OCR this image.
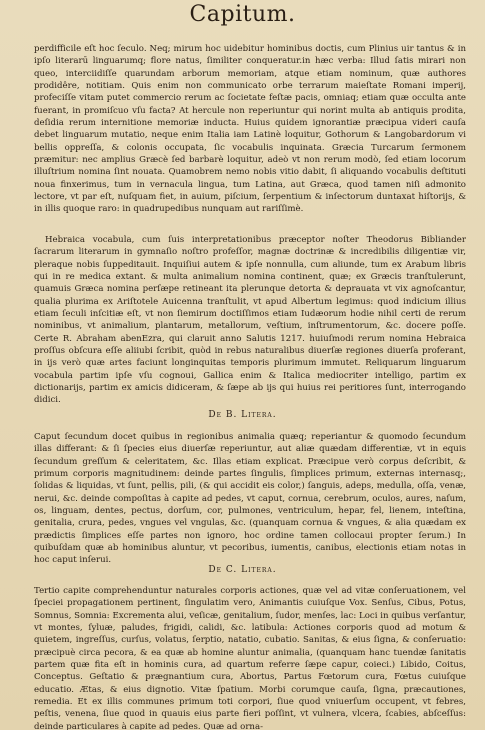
Capitum.

perdifficile eſt hoc ſeculo. Neq; mirum hoc uidebitur hominibus doctis, cum Plinius uir tantus & in ipſo literarū linguarumq; flore natus, ſimiliter conqueratur.in hæc verba: Illud ſatis mirari non queo, interciidiſſe quarundam arborum memoriam, atque etiam nominum, quæ authores prodidêre, notitiam. Quis enim non communicato orbe terrarum maieſtate Romani imperij, profeciſſe vitam putet commercio rerum ac ſocietate feſtæ pacis, omniaq; etiam quæ occulta ante fuerant, in promiſcuo vſu facta? At hercule non reperiuntur qui norint multa ab antiquis prodita, deſidia rerum internitione memoriæ inducta. Huius quidem ignorantiæ præcipua videri cauſa debet linguarum mutatio, neque enim Italia iam Latinè loquitur, Gothorum & Langobardorum vi bellis oppreſſa, & colonis occupata, ſic vocabulis inquinata. Græcia Turcarum ſermonem præmitur: nec amplius Græcè ſed barbarè loquitur, adeò vt non rerum modò, ſed etiam locorum illuſtrium nomina ſint nouata. Quamobrem nemo nobis vitio dabit, ſi aliquando vocabulis deſtituti noua finxerimus, tum in vernacula lingua, tum Latina, aut Græca, quod tamen niſi admonito lectore, vt par eſt, nuſquam fiet, in auium, piſcium, ſerpentium & inſectorum duntaxat hiſtorijs, & in illis quoque raro: in quadrupedibus nunquam aut rariſſimè.

Hebraica vocabula, cum ſuis interpretationibus præceptor noſter Theodorus Bibliander ſacrarum literarum in gymnaſio noſtro profeſſor, magnæ doctrinæ & incredibilis diligentiæ vir, pleraque nobis ſuppeditauit. Inquiſiui autem & ipſe nonnulla, cum aliunde, tum ex Arabum libris qui in re medica extant. & multa animalium nomina continent, quæ; ex Græcis tranſtulerunt, quamuis Græca nomina perſæpe retineant ita plerunque detorta & deprauata vt vix agnoſcantur, qualia plurima ex Ariſtotele Auicenna tranſtulit, vt apud Albertum legimus: quod indicium illius etiam ſeculi inſcitiæ eſt, vt non ſiemirum doctiſſimos etiam Iudæorum hodie nihil certi de rerum nominibus, vt animalium, plantarum, metallorum, veſtium, inſtrumentorum, &c. docere poſſe. Certe R. Abraham abenEzra, qui claruit anno Salutis 1217. huiuſmodi rerum nomina Hebraica proſſus obſcura eſſe aliiubi ſcribit, quòd in rebus naturalibus diuerſæ regiones diuerſa proferant, in ijs verò quæ artes faciunt longinquitas temporis plurimum immutet. Reliquarum linguarum vocabula partim ipſe vſu cognoui, Gallica enim & Italica mediocriter intelligo, partim ex dictionarijs, partim ex amicis didiceram, & ſæpe ab ijs qui huius rei peritiores ſunt, interrogando didici.

De B. Litera.

Caput ſecundum docet quibus in regionibus animalia quæq; reperiantur & quomodo ſecundum illas differant: & ſi ſpecies eius diuerſæ reperiuntur, aut aliæ quædam differentiæ, vt in equis ſecundum greſſum & celeritatem, &c. Illas etiam explicat. Præcipue verò corpus deſcribit, & primum corporis magnitudinem: deinde partes ſingulis, ſimplices primum, externas internasq;, ſolidas & liquidas, vt ſunt, pellis, pili, (& qui accidit eis color,) ſanguis, adeps, medulla, oſſa, venæ, nerui, &c. deinde compoſitas à capite ad pedes, vt caput, cornua, cerebrum, oculos, aures, naſum, os, linguam, dentes, pectus, dorſum, cor, pulmones, ventriculum, hepar, fel, lienem, inteſtina, genitalia, crura, pedes, vngues vel vngulas, &c. (quanquam cornua & vngues, & alia quædam ex prædictis ſimplices eſſe partes non ignoro, hoc ordine tamen collocaui propter ſerum.) In quibuſdam quæ ab hominibus aluntur, vt pecoribus, iumentis, canibus, electionis etiam notas in hoc caput inſerui.

De C. Litera.

Tertio capite comprehenduntur naturales corporis actiones, quæ vel ad vitæ conſeruationem, vel ſpeciei propagationem pertinent, ſingulatim vero, Animantis cuiuſque Vox. Senſus, Cibus, Potus, Somnus, Somnia: Excrementa alui, veſicæ, genitalium, ſudor, menſes, lac: Loci in quibus verſantur, vt montes, ſyluæ, paludes, frigidi, calidi, &c. latibula: Actiones corporis quod ad motum & quietem, ingreſſus, curſus, volatus, ſerptio, natatio, cubatio. Sanitas, & eius ſigna, & conſeruatio: præcipuè circa pecora, & ea quæ ab homine aluntur animalia, (quanquam hanc tuendæ ſanitatis partem quæ fita eſt in hominis cura, ad quartum referre ſæpe capur, coieci.) Libido, Coitus, Conceptus. Geſtatio & prægnantium cura, Abortus, Partus Fœtorum cura, Fœtus cuiuſque educatio. Ætas, & eius dignotio. Vitæ ſpatium. Morbi corumque cauſa, ſigna, præcautiones, remedia. Et ex illis communes primum toti corpori, ſiue quod vniuerſum occupent, vt febres, peſtis, venena, ſiue quod in quauis eius parte fieri poſſint, vt vulnera, vlcera, ſcabies, abſceſſus: deinde particulares à capite ad pedes. Quæ ad orna-
